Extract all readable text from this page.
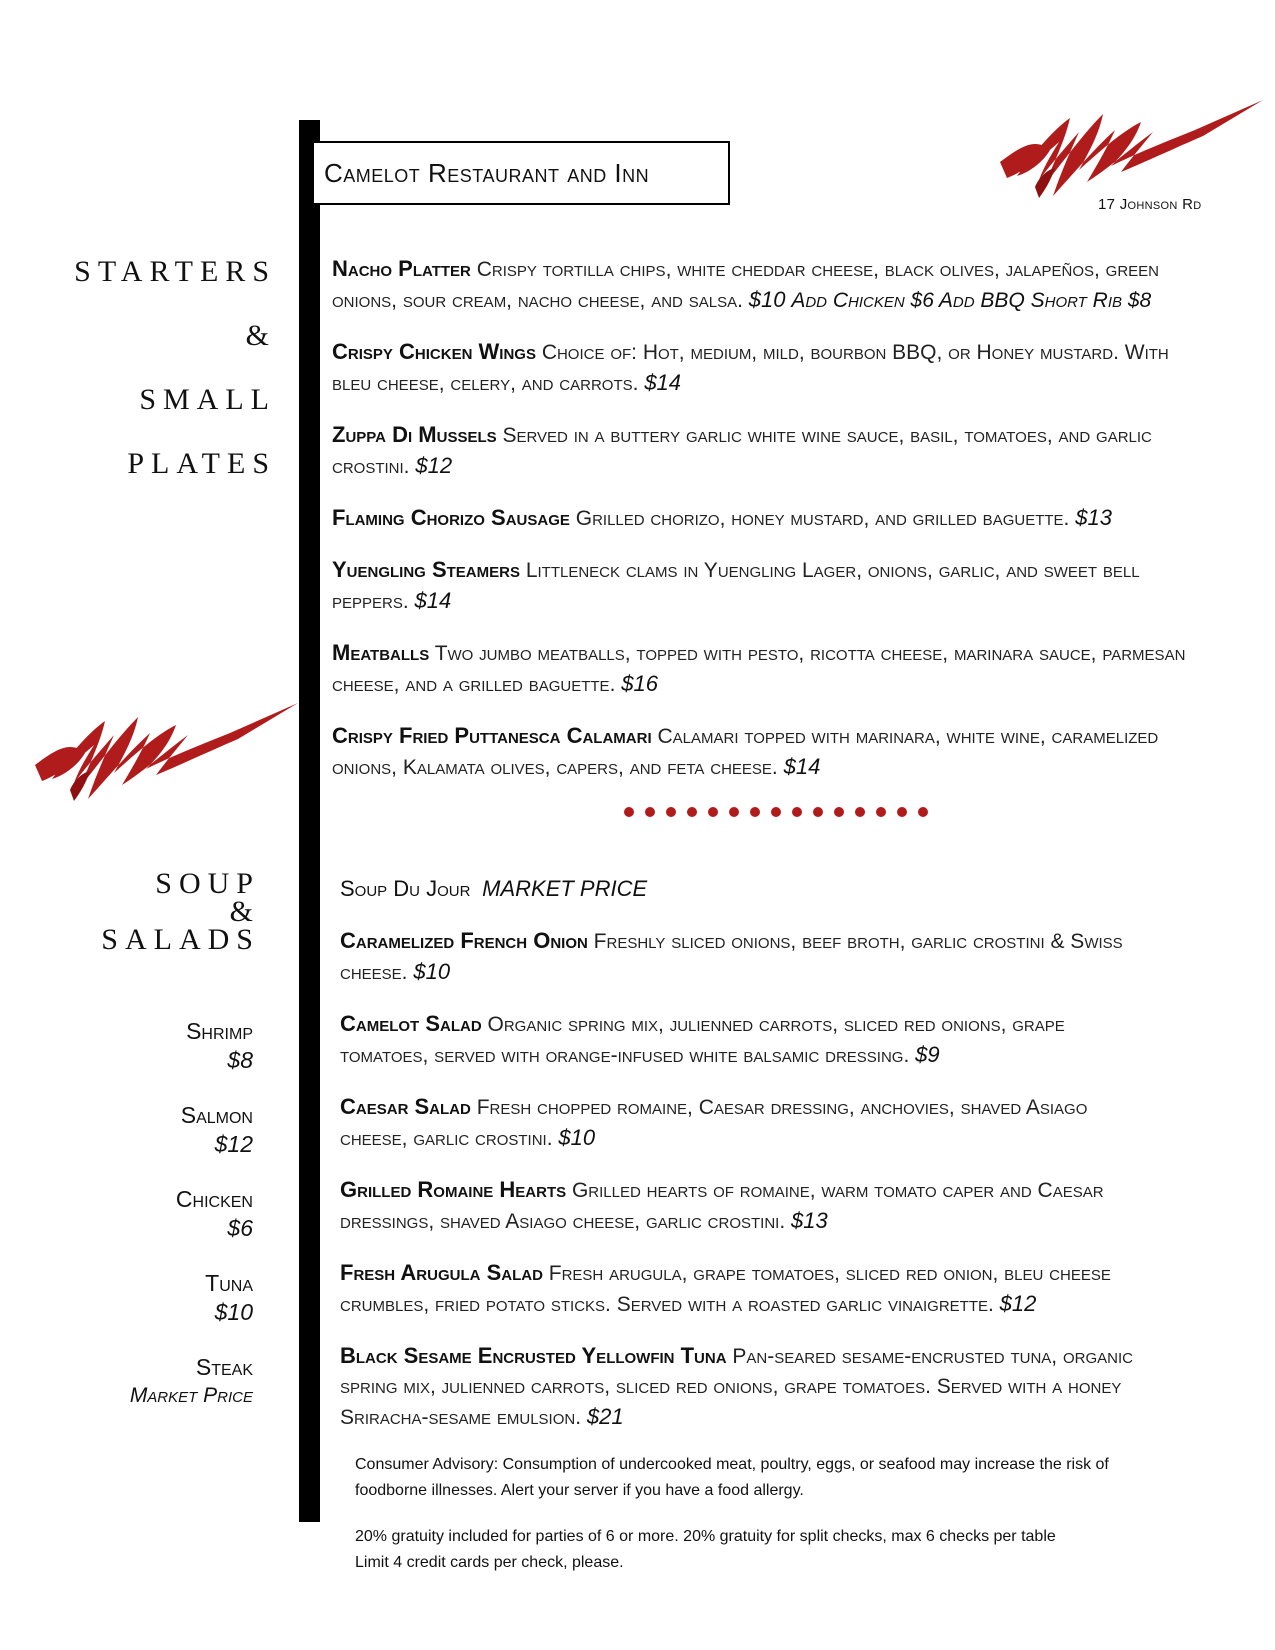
Camelot Restaurant and Inn
17 Johnson Rd
STARTERS
&
SMALL
PLATES
Nacho Platter Crispy tortilla chips, white cheddar cheese, black olives, jalapeños, green onions, sour cream, nacho cheese, and salsa. $10 Add Chicken $6 Add BBQ Short Rib $8
Crispy Chicken Wings Choice of: Hot, medium, mild, bourbon BBQ, or Honey mustard. With bleu cheese, celery, and carrots. $14
Zuppa Di Mussels Served in a buttery garlic white wine sauce, basil, tomatoes, and garlic crostini. $12
Flaming Chorizo Sausage Grilled chorizo, honey mustard, and grilled baguette. $13
Yuengling Steamers Littleneck clams in Yuengling Lager, onions, garlic, and sweet bell peppers. $14
Meatballs Two jumbo meatballs, topped with pesto, ricotta cheese, marinara sauce, parmesan cheese, and a grilled baguette. $16
Crispy Fried Puttanesca Calamari Calamari topped with marinara, white wine, caramelized onions, Kalamata olives, capers, and feta cheese. $14
SOUP
&
SALADS
Shrimp
$8
Salmon
$12
Chicken
$6
Tuna
$10
Steak
Market Price
Soup Du Jour MARKET PRICE
Caramelized French Onion Freshly sliced onions, beef broth, garlic crostini & Swiss cheese. $10
Camelot Salad Organic spring mix, julienned carrots, sliced red onions, grape tomatoes, served with orange-infused white balsamic dressing. $9
Caesar Salad Fresh chopped romaine, Caesar dressing, anchovies, shaved Asiago cheese, garlic crostini. $10
Grilled Romaine Hearts Grilled hearts of romaine, warm tomato caper and Caesar dressings, shaved Asiago cheese, garlic crostini. $13
Fresh Arugula Salad Fresh arugula, grape tomatoes, sliced red onion, bleu cheese crumbles, fried potato sticks. Served with a roasted garlic vinaigrette. $12
Black Sesame Encrusted Yellowfin Tuna Pan-seared sesame-encrusted tuna, organic spring mix, julienned carrots, sliced red onions, grape tomatoes. Served with a honey Sriracha-sesame emulsion. $21
Consumer Advisory: Consumption of undercooked meat, poultry, eggs, or seafood may increase the risk of foodborne illnesses. Alert your server if you have a food allergy.
20% gratuity included for parties of 6 or more. 20% gratuity for split checks, max 6 checks per table
Limit 4 credit cards per check, please.
